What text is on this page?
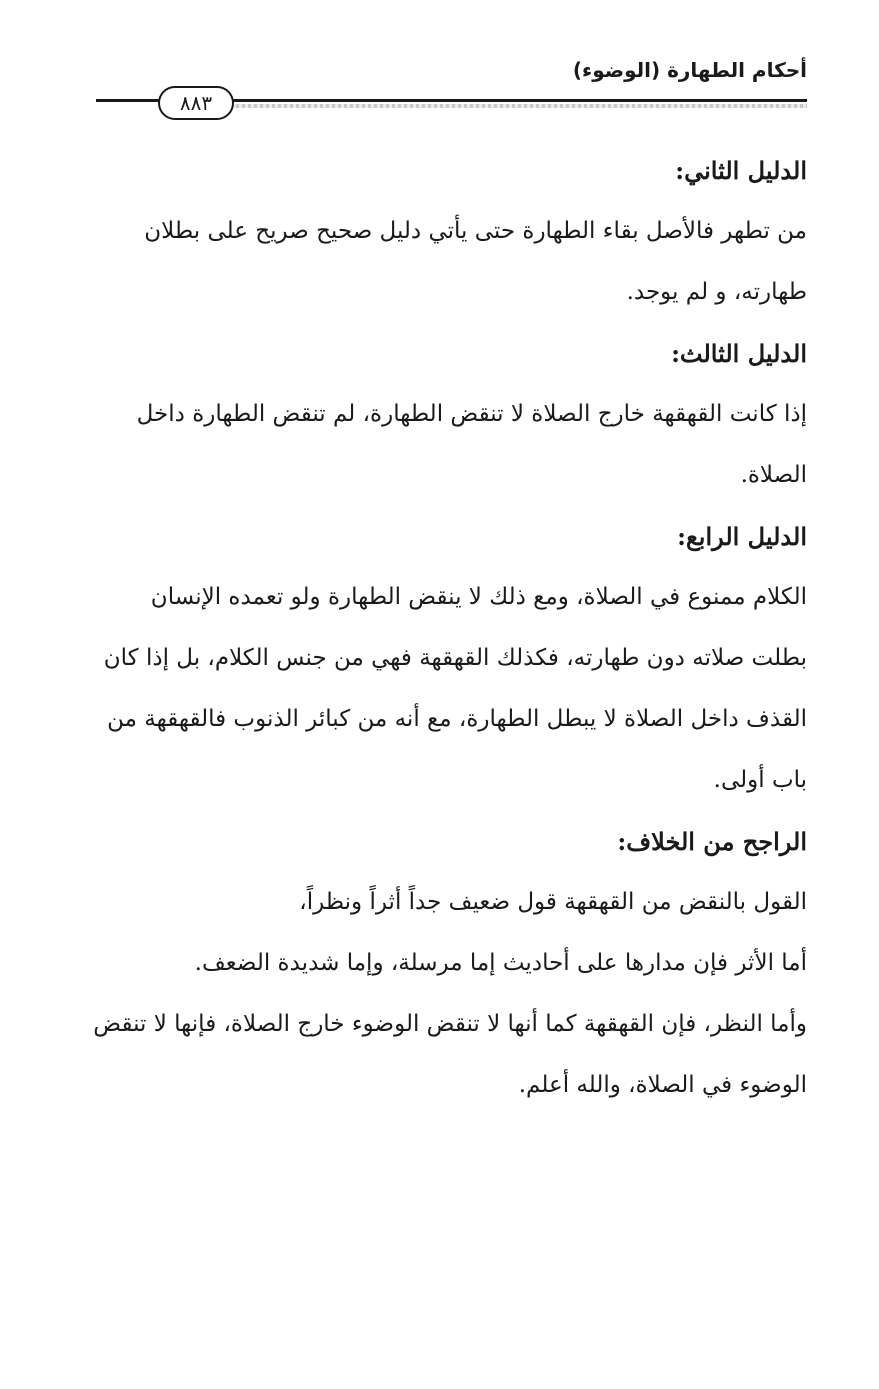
أحكام الطهارة (الوضوء)
٨٨٣

الدليل الثاني:

من تطهر فالأصل بقاء الطهارة حتى يأتي دليل صحيح صريح على بطلان طهارته، و لم يوجد.

الدليل الثالث:

إذا كانت القهقهة خارج الصلاة لا تنقض الطهارة، لم تنقض الطهارة داخل الصلاة.

الدليل الرابع:

الكلام ممنوع في الصلاة، ومع ذلك لا ينقض الطهارة ولو تعمده الإنسان بطلت صلاته دون طهارته، فكذلك القهقهة فهي من جنس الكلام، بل إذا كان القذف داخل الصلاة لا يبطل الطهارة، مع أنه من كبائر الذنوب فالقهقهة من باب أولى.

الراجح من الخلاف:

القول بالنقض من القهقهة قول ضعيف جداً أثراً ونظراً،

أما الأثر فإن مدارها على أحاديث إما مرسلة، وإما شديدة الضعف.

وأما النظر، فإن القهقهة كما أنها لا تنقض الوضوء خارج الصلاة، فإنها لا تنقض الوضوء في الصلاة، والله أعلم.
